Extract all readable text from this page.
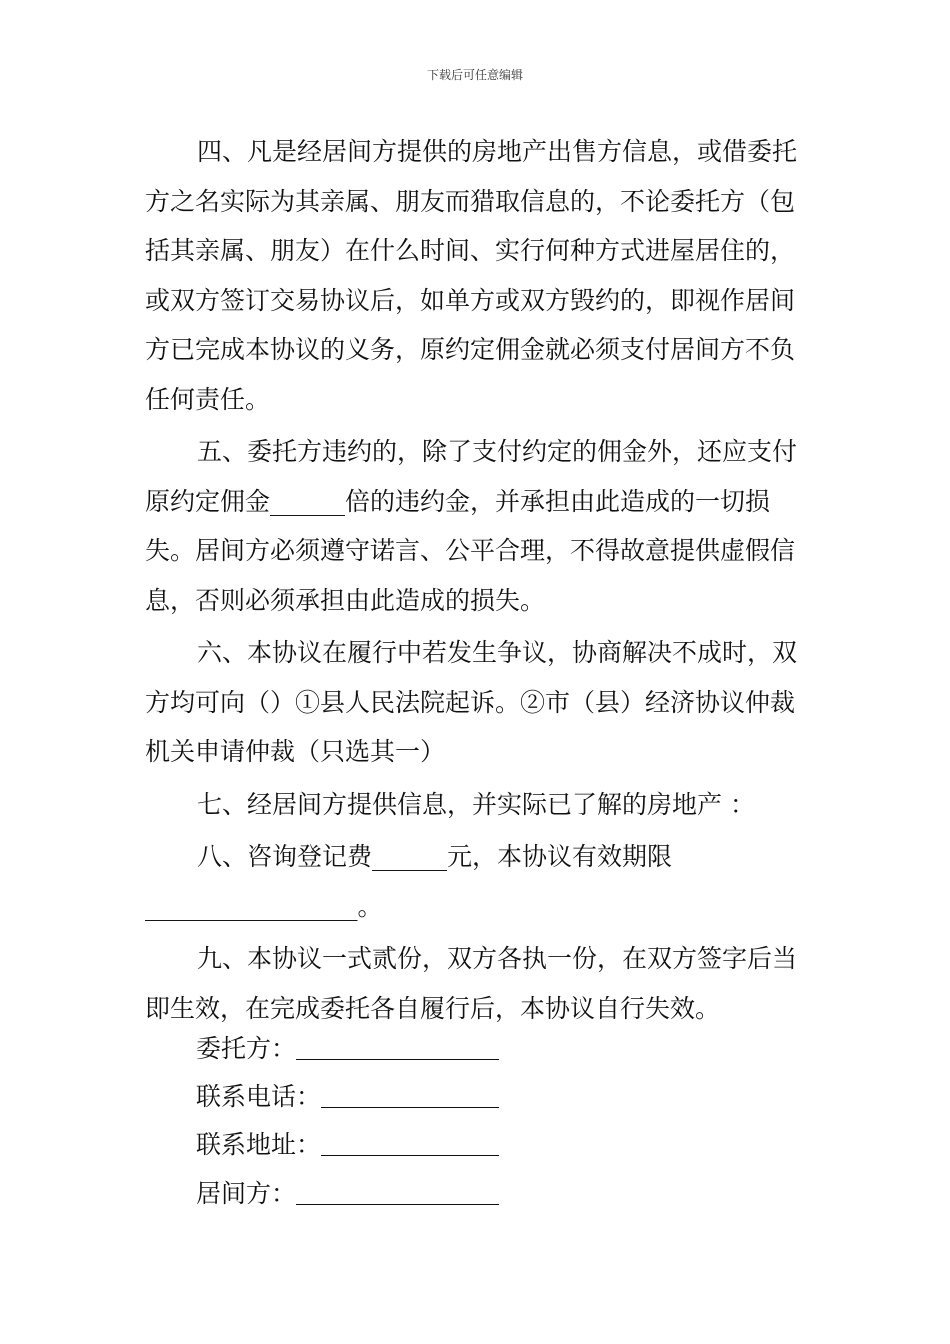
下载后可任意编辑

四、凡是经居间方提供的房地产出售方信息，或借委托方之名实际为其亲属、朋友而猎取信息的，不论委托方（包括其亲属、朋友）在什么时间、实行何种方式进屋居住的，或双方签订交易协议后，如单方或双方毁约的，即视作居间方已完成本协议的义务，原约定佣金就必须支付居间方不负任何责任。

五、委托方违约的，除了支付约定的佣金外，还应支付原约定佣金______倍的违约金，并承担由此造成的一切损失。居间方必须遵守诺言、公平合理，不得故意提供虚假信息，否则必须承担由此造成的损失。

六、本协议在履行中若发生争议，协商解决不成时，双方均可向（）①县人民法院起诉。②市（县）经济协议仲裁机关申请仲裁（只选其一）

七、经居间方提供信息，并实际已了解的房地产 ：

八、咨询登记费______元，本协议有效期限_________________。

九、本协议一式贰份，双方各执一份，在双方签字后当即生效，在完成委托各自履行后，本协议自行失效。

委托方：
联系电话：
联系地址：
居间方：
